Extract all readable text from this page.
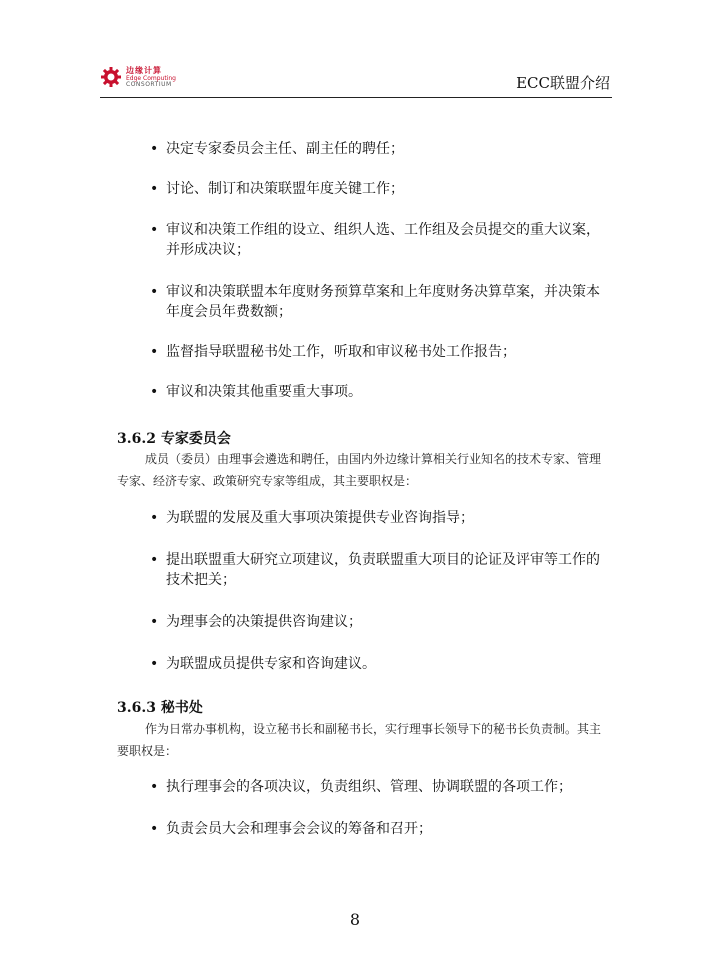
边缘计算
Edge Computing
CONSORTIUM	ECC联盟介绍
• 决定专家委员会主任、副主任的聘任；
• 讨论、制订和决策联盟年度关键工作；
• 审议和决策工作组的设立、组织人选、工作组及会员提交的重大议案，并形成决议；
• 审议和决策联盟本年度财务预算草案和上年度财务决算草案，并决策本年度会员年费数额；
• 监督指导联盟秘书处工作，听取和审议秘书处工作报告；
• 审议和决策其他重要重大事项。
3.6.2 专家委员会

成员（委员）由理事会遴选和聘任，由国内外边缘计算相关行业知名的技术专家、管理专家、经济专家、政策研究专家等组成，其主要职权是：

• 为联盟的发展及重大事项决策提供专业咨询指导；
• 提出联盟重大研究立项建议，负责联盟重大项目的论证及评审等工作的技术把关；
• 为理事会的决策提供咨询建议；
• 为联盟成员提供专家和咨询建议。
3.6.3 秘书处

作为日常办事机构，设立秘书长和副秘书长，实行理事长领导下的秘书长负责制。其主要职权是：

• 执行理事会的各项决议，负责组织、管理、协调联盟的各项工作；
• 负责会员大会和理事会会议的筹备和召开；
8
